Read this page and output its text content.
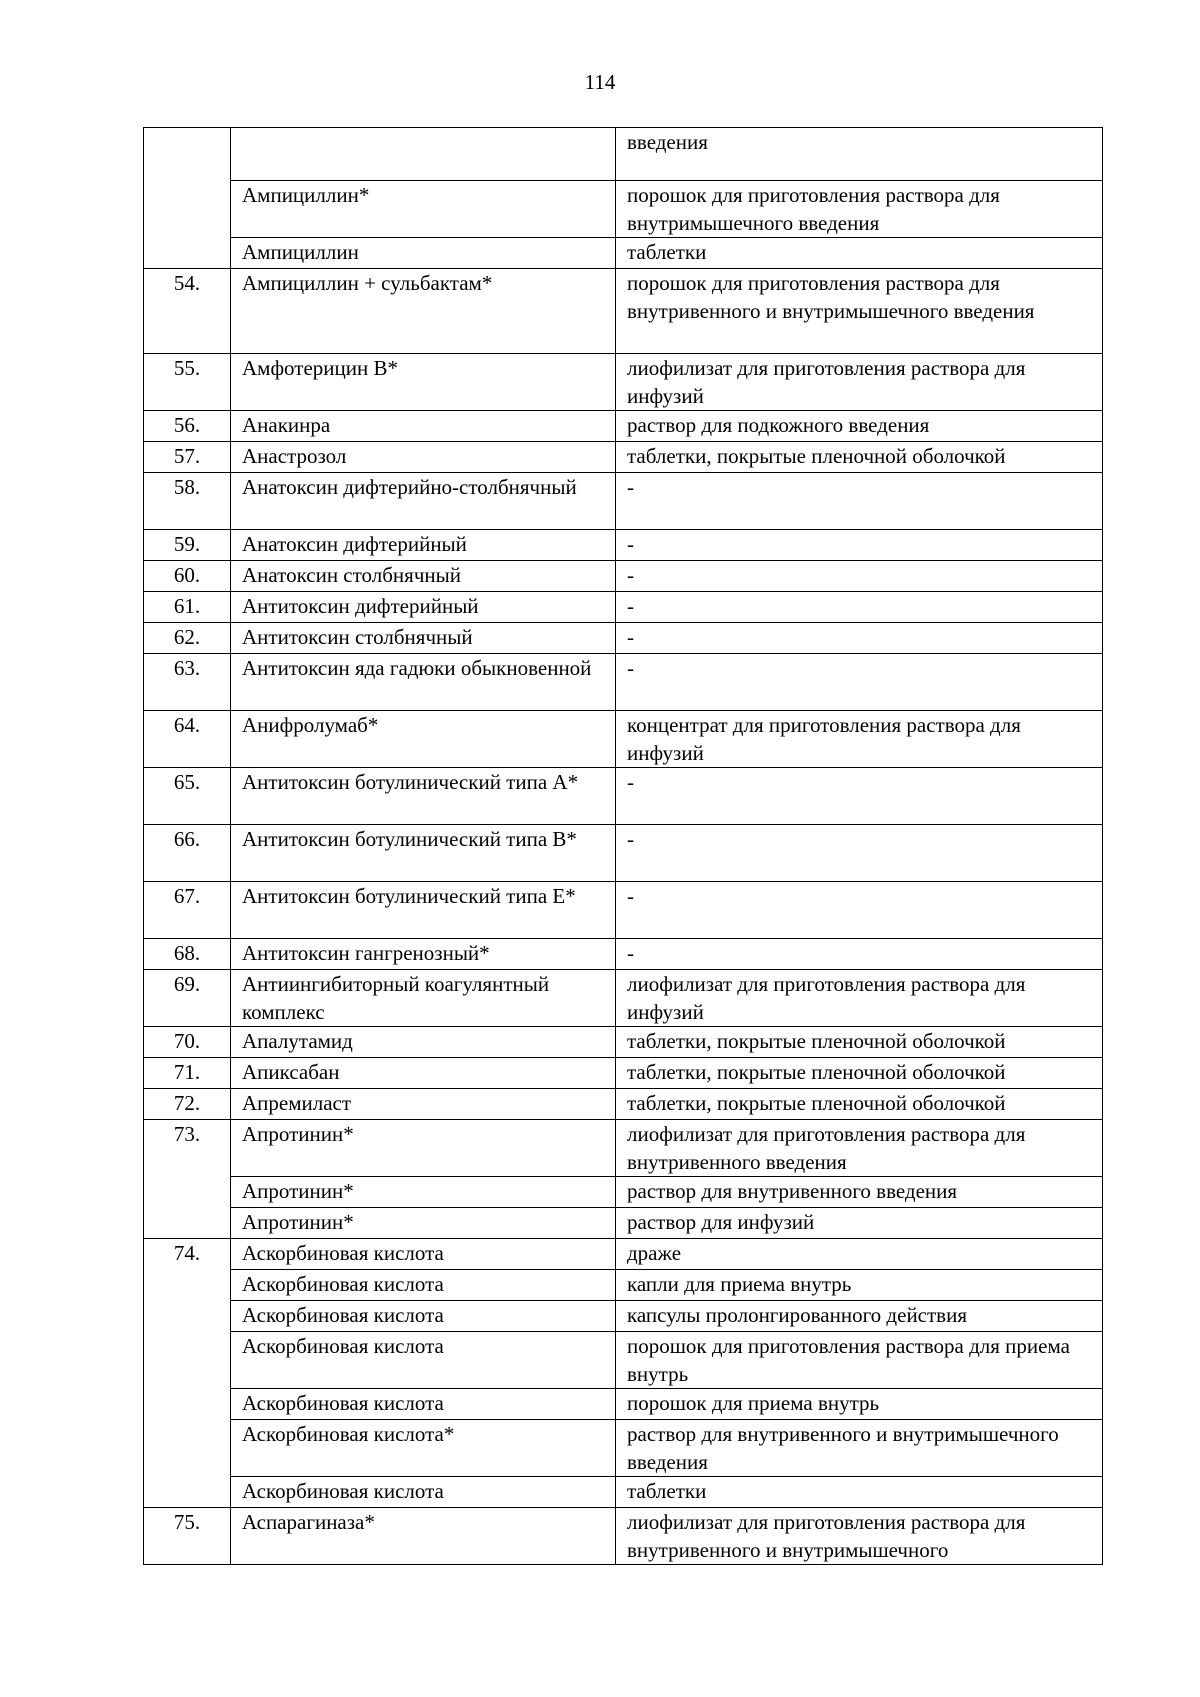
114
		введения
	Ампициллин*	порошок для приготовления раствора для внутримышечного введения
	Ампициллин	таблетки
54.	Ампициллин + сульбактам*	порошок для приготовления раствора для внутривенного и внутримышечного введения
55.	Амфотерицин В*	лиофилизат для приготовления раствора для инфузий
56.	Анакинра	раствор для подкожного введения
57.	Анастрозол	таблетки, покрытые пленочной оболочкой
58.	Анатоксин дифтерийно-столбнячный	-
59.	Анатоксин дифтерийный	-
60.	Анатоксин столбнячный	-
61.	Антитоксин дифтерийный	-
62.	Антитоксин столбнячный	-
63.	Антитоксин яда гадюки обыкновенной	-
64.	Анифролумаб*	концентрат для приготовления раствора для инфузий
65.	Антитоксин ботулинический типа А*	-
66.	Антитоксин ботулинический типа В*	-
67.	Антитоксин ботулинический типа Е*	-
68.	Антитоксин гангренозный*	-
69.	Антиингибиторный коагулянтный комплекс	лиофилизат для приготовления раствора для инфузий
70.	Апалутамид	таблетки, покрытые пленочной оболочкой
71.	Апиксабан	таблетки, покрытые пленочной оболочкой
72.	Апремиласт	таблетки, покрытые пленочной оболочкой
73.	Апротинин*	лиофилизат для приготовления раствора для внутривенного введения
	Апротинин*	раствор для внутривенного введения
	Апротинин*	раствор для инфузий
74.	Аскорбиновая кислота	драже
	Аскорбиновая кислота	капли для приема внутрь
	Аскорбиновая кислота	капсулы пролонгированного действия
	Аскорбиновая кислота	порошок для приготовления раствора для приема внутрь
	Аскорбиновая кислота	порошок для приема внутрь
	Аскорбиновая кислота*	раствор для внутривенного и внутримышечного введения
	Аскорбиновая кислота	таблетки
75.	Аспарагиназа*	лиофилизат для приготовления раствора для внутривенного и внутримышечного
